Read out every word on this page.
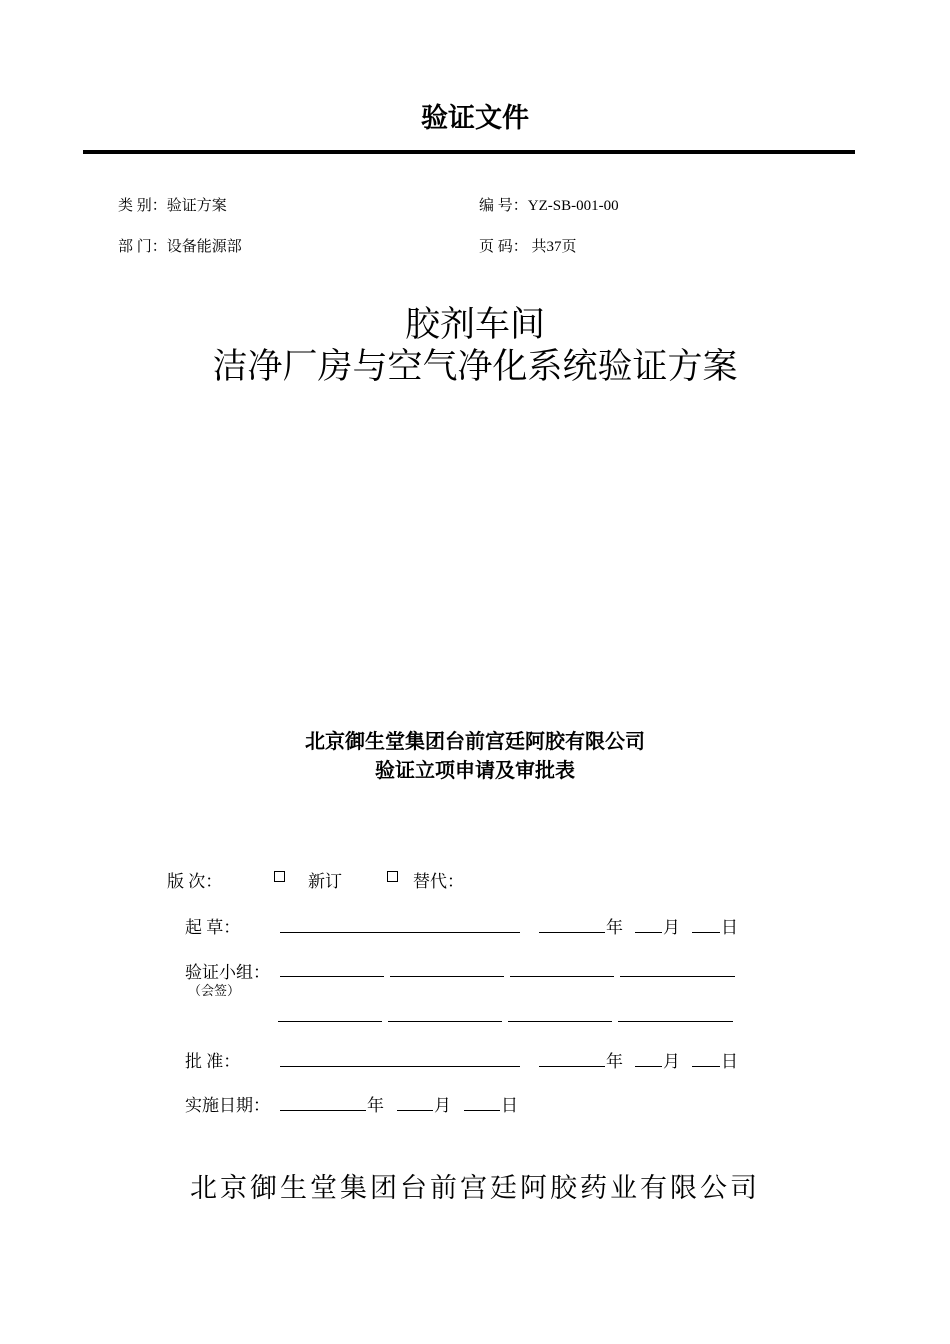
验证文件
类 别：验证方案	编 号：YZ-SB-001-00
部 门：设备能源部	页 码： 共37页
胶剂车间
洁净厂房与空气净化系统验证方案
北京御生堂集团台前宫廷阿胶有限公司
验证立项申请及审批表
版 次：	新订	替代：
起 草：	年 月 日
验证小组：
（会签）
批 准：	年 月 日
实施日期：	年	月	日
北京御生堂集团台前宫廷阿胶药业有限公司
